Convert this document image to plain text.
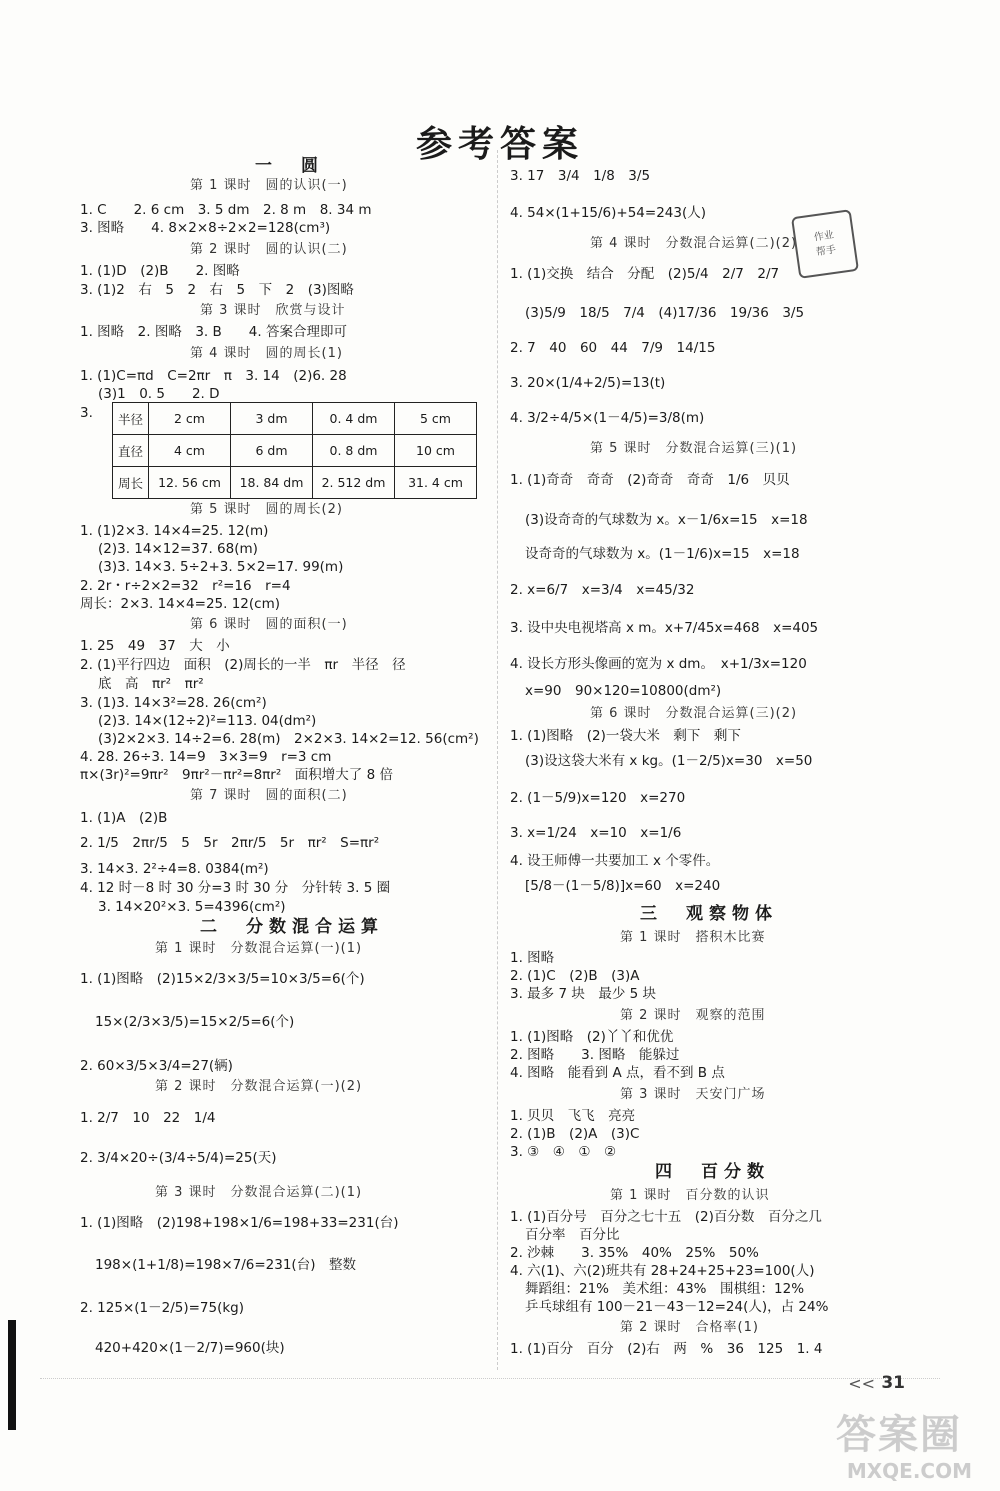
参考答案
半径	2 cm	3 dm	0. 4 dm	5 cm
直径	4 cm	6 dm	0. 8 dm	10 cm
周长	12. 56 cm	18. 84 dm	2. 512 dm	31. 4 cm
一　圆
第 1 课时　圆的认识(一)
1. C　　2. 6 cm　3. 5 dm　2. 8 m　8. 34 m
3. 图略　　4. 8×2×8÷2×2=128(cm³)
第 2 课时　圆的认识(二)
1. (1)D　(2)B　　2. 图略
3. (1)2　右　5　2　右　5　下　2　(3)图略
第 3 课时　欣赏与设计
1. 图略　2. 图略　3. B　　4. 答案合理即可
第 4 课时　圆的周长(1)
1. (1)C=πd　C=2πr　π　3. 14　(2)6. 28
(3)1　0. 5　　2. D
3.
第 5 课时　圆的周长(2)
1. (1)2×3. 14×4=25. 12(m)
(2)3. 14×12=37. 68(m)
(3)3. 14×3. 5÷2+3. 5×2=17. 99(m)
2. 2r・r÷2×2=32　r²=16　r=4
周长：2×3. 14×4=25. 12(cm)
第 6 课时　圆的面积(一)
1. 25　49　37　大　小
2. (1)平行四边　面积　(2)周长的一半　πr　半径　径
底　高　πr²　πr²
3. (1)3. 14×3²=28. 26(cm²)
(2)3. 14×(12÷2)²=113. 04(dm²)
(3)2×2×3. 14÷2=6. 28(m)　2×2×3. 14×2=12. 56(cm²)
4. 28. 26÷3. 14=9　3×3=9　r=3 cm
π×(3r)²=9πr²　9πr²－πr²=8πr²　面积增大了 8 倍
第 7 课时　圆的面积(二)
1. (1)A　(2)B
2. 1/5　2πr/5　5　5r　2πr/5　5r　πr²　S=πr²
3. 14×3. 2²÷4=8. 0384(m²)
4. 12 时－8 时 30 分=3 时 30 分　分针转 3. 5 圈
3. 14×20²×3. 5=4396(cm²)
二　分数混合运算
第 1 课时　分数混合运算(一)(1)
1. (1)图略　(2)15×2/3×3/5=10×3/5=6(个)
15×(2/3×3/5)=15×2/5=6(个)
2. 60×3/5×3/4=27(辆)
第 2 课时　分数混合运算(一)(2)
1. 2/7　10　22　1/4
2. 3/4×20÷(3/4÷5/4)=25(天)
第 3 课时　分数混合运算(二)(1)
1. (1)图略　(2)198+198×1/6=198+33=231(台)
198×(1+1/8)=198×7/6=231(台)　整数
2. 125×(1－2/5)=75(kg)
420+420×(1－2/7)=960(块)
3. 17　3/4　1/8　3/5
4. 54×(1+15/6)+54=243(人)
第 4 课时　分数混合运算(二)(2)
1. (1)交换　结合　分配　(2)5/4　2/7　2/7
(3)5/9　18/5　7/4　(4)17/36　19/36　3/5
2. 7　40　60　44　7/9　14/15
3. 20×(1/4+2/5)=13(t)
4. 3/2÷4/5×(1－4/5)=3/8(m)
第 5 课时　分数混合运算(三)(1)
1. (1)奇奇　奇奇　(2)奇奇　奇奇　1/6　贝贝
(3)设奇奇的气球数为 x。x－1/6x=15　x=18
设奇奇的气球数为 x。(1－1/6)x=15　x=18
2. x=6/7　x=3/4　x=45/32
3. 设中央电视塔高 x m。x+7/45x=468　x=405
4. 设长方形头像画的宽为 x dm。　x+1/3x=120
x=90　90×120=10800(dm²)
第 6 课时　分数混合运算(三)(2)
1. (1)图略　(2)一袋大米　剩下　剩下
(3)设这袋大米有 x kg。(1－2/5)x=30　x=50
2. (1－5/9)x=120　x=270
3. x=1/24　x=10　x=1/6
4. 设王师傅一共要加工 x 个零件。
[5/8－(1－5/8)]x=60　x=240
三　观察物体
第 1 课时　搭积木比赛
1. 图略
2. (1)C　(2)B　(3)A
3. 最多 7 块　最少 5 块
第 2 课时　观察的范围
1. (1)图略　(2)丫丫和优优
2. 图略　　3. 图略　能躲过
4. 图略　能看到 A 点，看不到 B 点
第 3 课时　天安门广场
1. 贝贝　飞飞　亮亮
2. (1)B　(2)A　(3)C
3. ③　④　①　②
四　百分数
第 1 课时　百分数的认识
1. (1)百分号　百分之七十五　(2)百分数　百分之几
百分率　百分比
2. 沙棘　　3. 35%　40%　25%　50%
4. 六(1)、六(2)班共有 28+24+25+23=100(人)
舞蹈组：21%　美术组：43%　围棋组：12%
乒乓球组有 100－21－43－12=24(人)，占 24%
第 2 课时　合格率(1)
1. (1)百分　百分　(2)右　两　%　36　125　1. 4
作业
帮手
<< 31
答案圈
MXQE.COM
